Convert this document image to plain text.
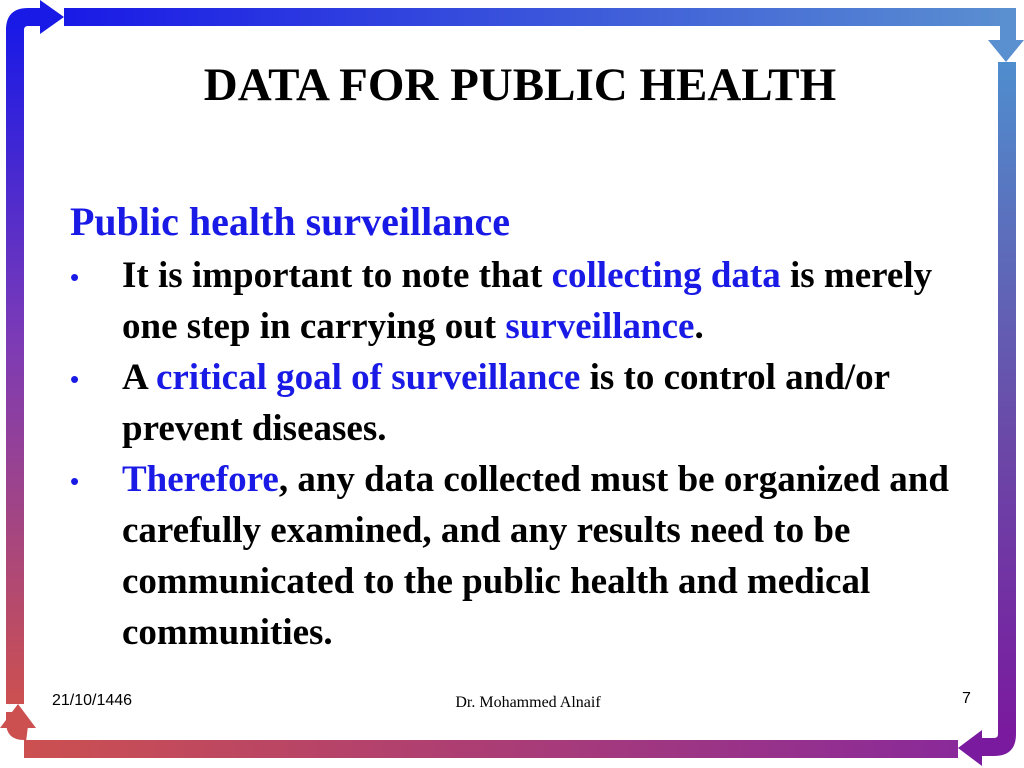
DATA FOR PUBLIC HEALTH
Public health surveillance
•	It is important to note that collecting data is merely one step in carrying out surveillance.
•	A critical goal of surveillance is to control and/or prevent diseases.
•	Therefore, any data collected must be organized and carefully examined, and any results need to be communicated to the public health and medical communities.
21/10/1446	Dr. Mohammed Alnaif	7
